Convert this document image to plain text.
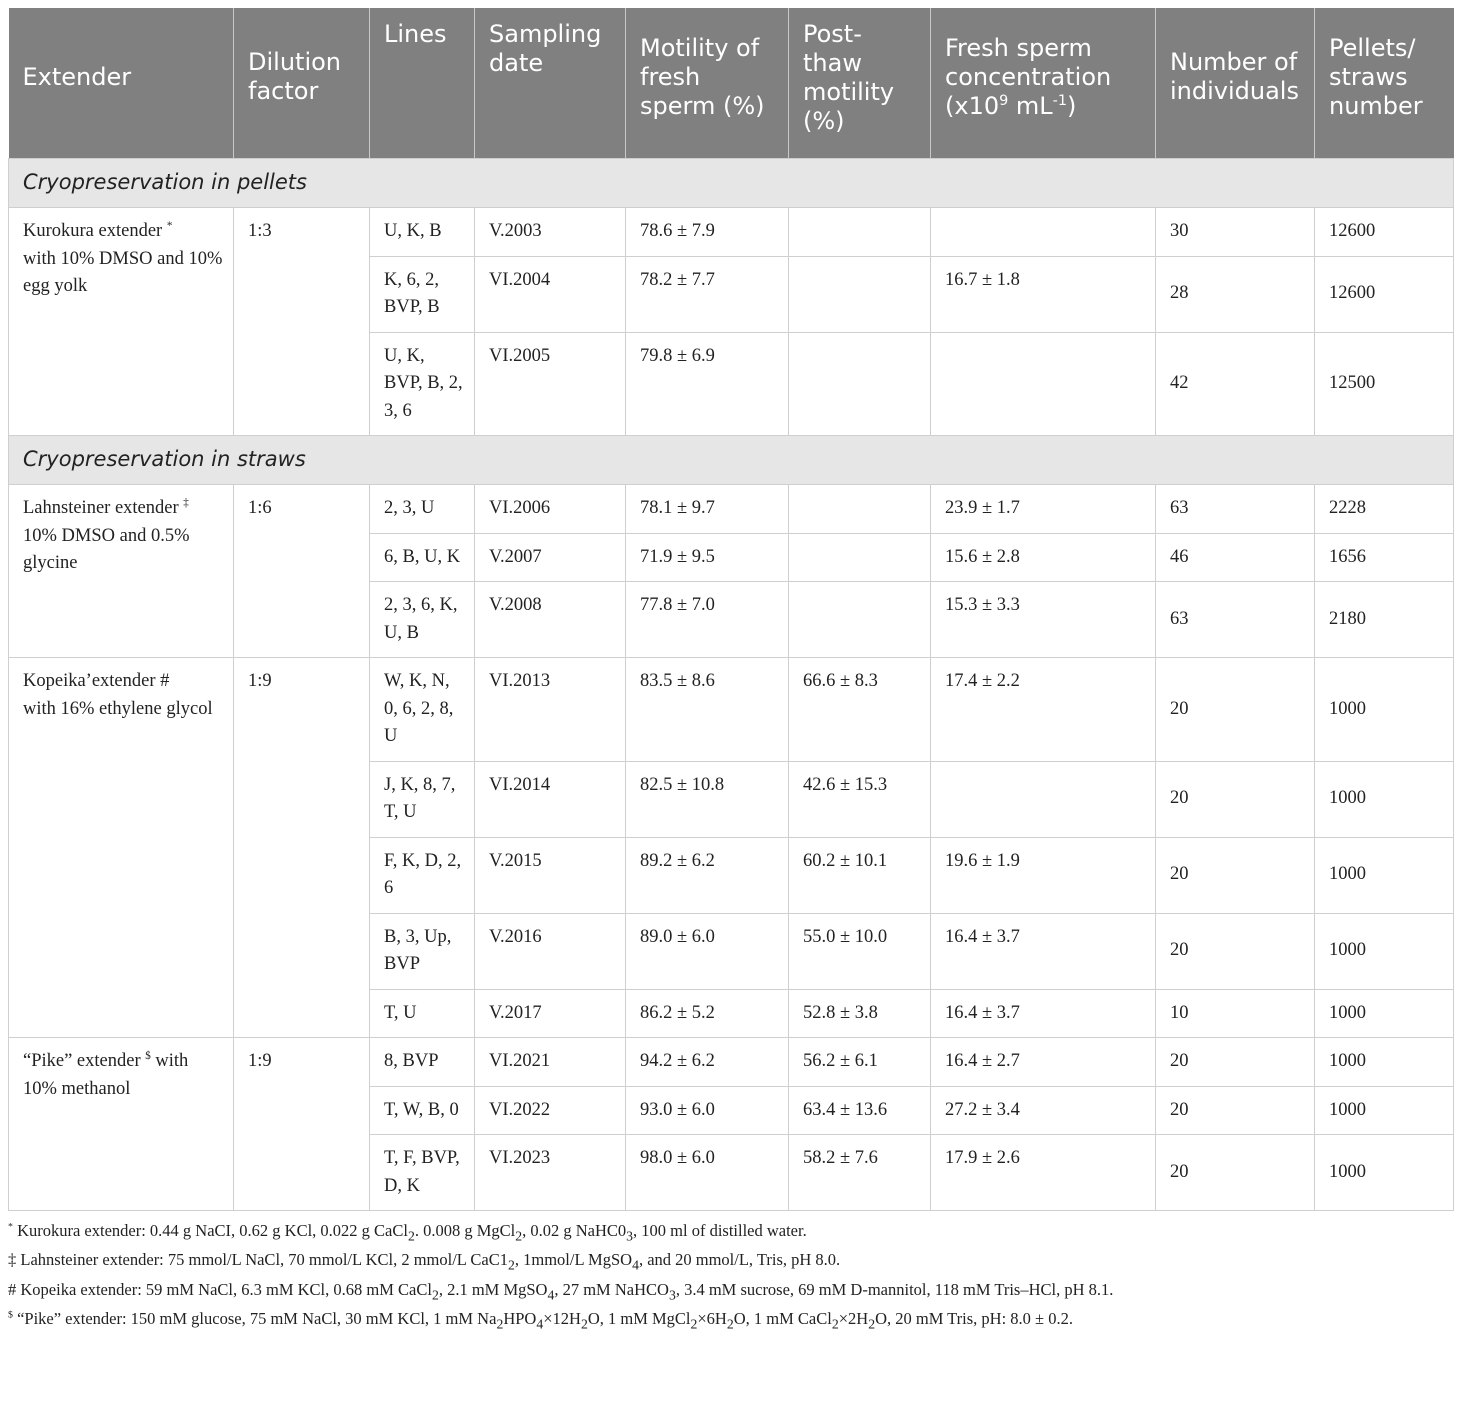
Extender	Dilution factor	Lines	Sampling date	Motility of fresh sperm (%)	Post-thaw motility (%)	Fresh sperm concentration ($x10^9$ $mL^{-1}$)	Number of individuals	Pellets/ straws number
Cryopreservation in pellets								
Kurokura extender *
with 10% DMSO and 10% egg yolk	1:3	U, K, B	V.2003	78.6 ± 7.9			30	12600
		K, 6, 2, BVP, B	VI.2004	78.2 ± 7.7		16.7 ± 1.8	28	12600
		U, K, BVP, B, 2, 3, 6	VI.2005	79.8 ± 6.9			42	12500
Cryopreservation in straws								
Lahnsteiner extender ‡
10% DMSO and 0.5% glycine	1:6	2, 3, U	VI.2006	78.1 ± 9.7		23.9 ± 1.7	63	2228
		6, B, U, K	V.2007	71.9 ± 9.5		15.6 ± 2.8	46	1656
		2, 3, 6, K, U, B	V.2008	77.8 ± 7.0		15.3 ± 3.3	63	2180
Kopeika’extender #
with 16% ethylene glycol	1:9	W, K, N, 0, 6, 2, 8, U	VI.2013	83.5 ± 8.6	66.6 ± 8.3	17.4 ± 2.2	20	1000
		J, K, 8, 7, T, U	VI.2014	82.5 ± 10.8	42.6 ± 15.3		20	1000
		F, K, D, 2, 6	V.2015	89.2 ± 6.2	60.2 ± 10.1	19.6 ± 1.9	20	1000
		B, 3, Up, BVP	V.2016	89.0 ± 6.0	55.0 ± 10.0	16.4 ± 3.7	20	1000
		T, U	V.2017	86.2 ± 5.2	52.8 ± 3.8	16.4 ± 3.7	10	1000
“Pike” extender $ with 10% methanol	1:9	8, BVP	VI.2021	94.2 ± 6.2	56.2 ± 6.1	16.4 ± 2.7	20	1000
		T, W, B, 0	VI.2022	93.0 ± 6.0	63.4 ± 13.6	27.2 ± 3.4	20	1000
		T, F, BVP, D, K	VI.2023	98.0 ± 6.0	58.2 ± 7.6	17.9 ± 2.6	20	1000
* Kurokura extender: 0.44 g NaCI, 0.62 g KCl, 0.022 g CaCl$_2$. 0.008 g MgCl$_2$, 0.02 g $NaHC0_3$, 100 ml of distilled water.
‡ Lahnsteiner extender: 75 mmol/L NaCl, 70 mmol/L KCl, 2 mmol/L $CaC1_2$, 1mmol/L MgSO$_4$, and 20 mmol/L, Tris, pH 8.0.
# Kopeika extender: 59 mM NaCl, 6.3 mM KCl, 0.68 mM CaCl$_2$, 2.1 mM MgSO$_4$, 27 mM NaHCO$_3$, 3.4 mM sucrose, 69 mM D-mannitol, 118 mM Tris–HCl, pH 8.1.
$ “Pike” extender: 150 mM glucose, 75 mM NaCl, 30 mM KCl, 1 mM $Na_2HPO_4\times 12H_2O$, 1 mM $MgCl_2\times 6H_2O$, 1 mM $CaCl_2\times 2H_2O$, 20 mM Tris, pH: 8.0 ± 0.2.
